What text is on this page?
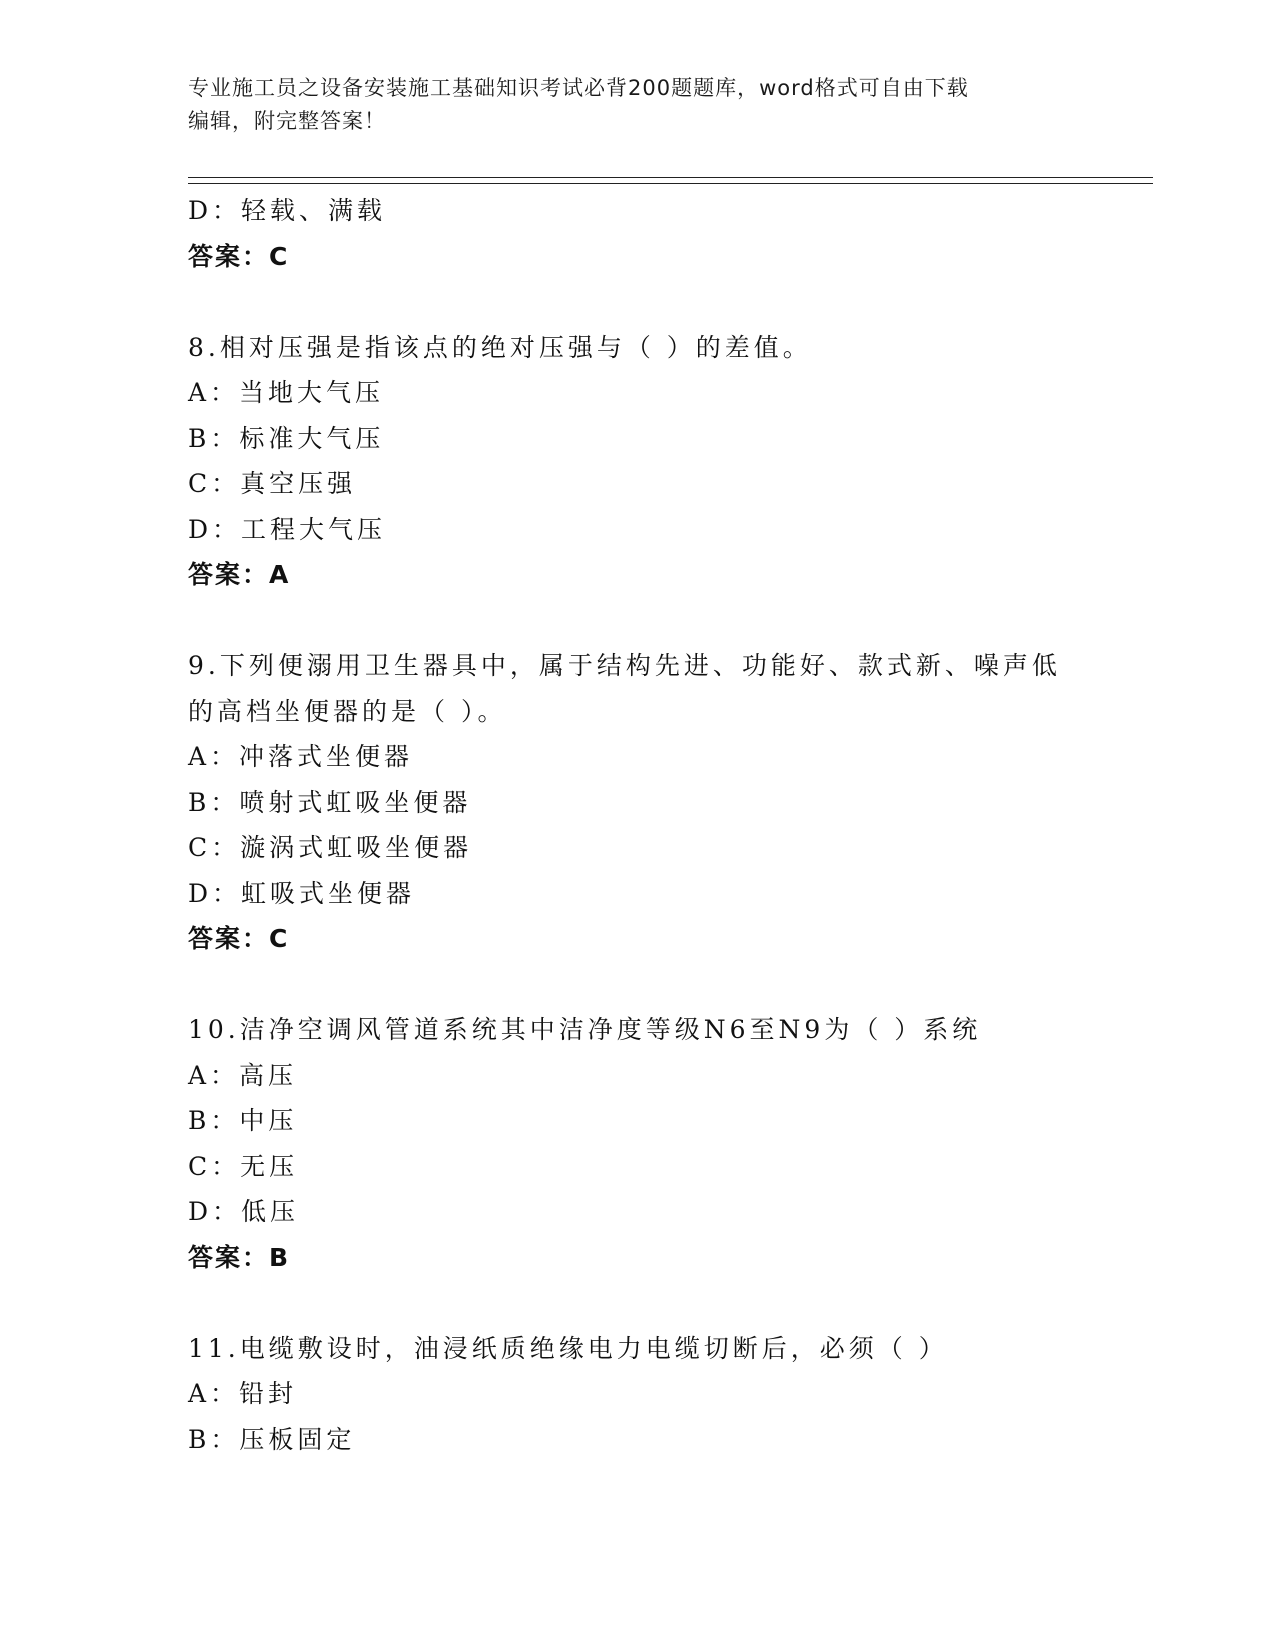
专业施工员之设备安装施工基础知识考试必背200题题库，word格式可自由下载
编辑，附完整答案！
D：轻载、满载
答案：C
8.相对压强是指该点的绝对压强与（ ）的差值。
A：当地大气压
B：标准大气压
C：真空压强
D：工程大气压
答案：A
9.下列便溺用卫生器具中，属于结构先进、功能好、款式新、噪声低
的高档坐便器的是（ ）。
A：冲落式坐便器
B：喷射式虹吸坐便器
C：漩涡式虹吸坐便器
D：虹吸式坐便器
答案：C
10.洁净空调风管道系统其中洁净度等级N6至N9为（ ）系统
A：高压
B：中压
C：无压
D：低压
答案：B
11.电缆敷设时，油浸纸质绝缘电力电缆切断后，必须（ ）
A：铅封
B：压板固定
